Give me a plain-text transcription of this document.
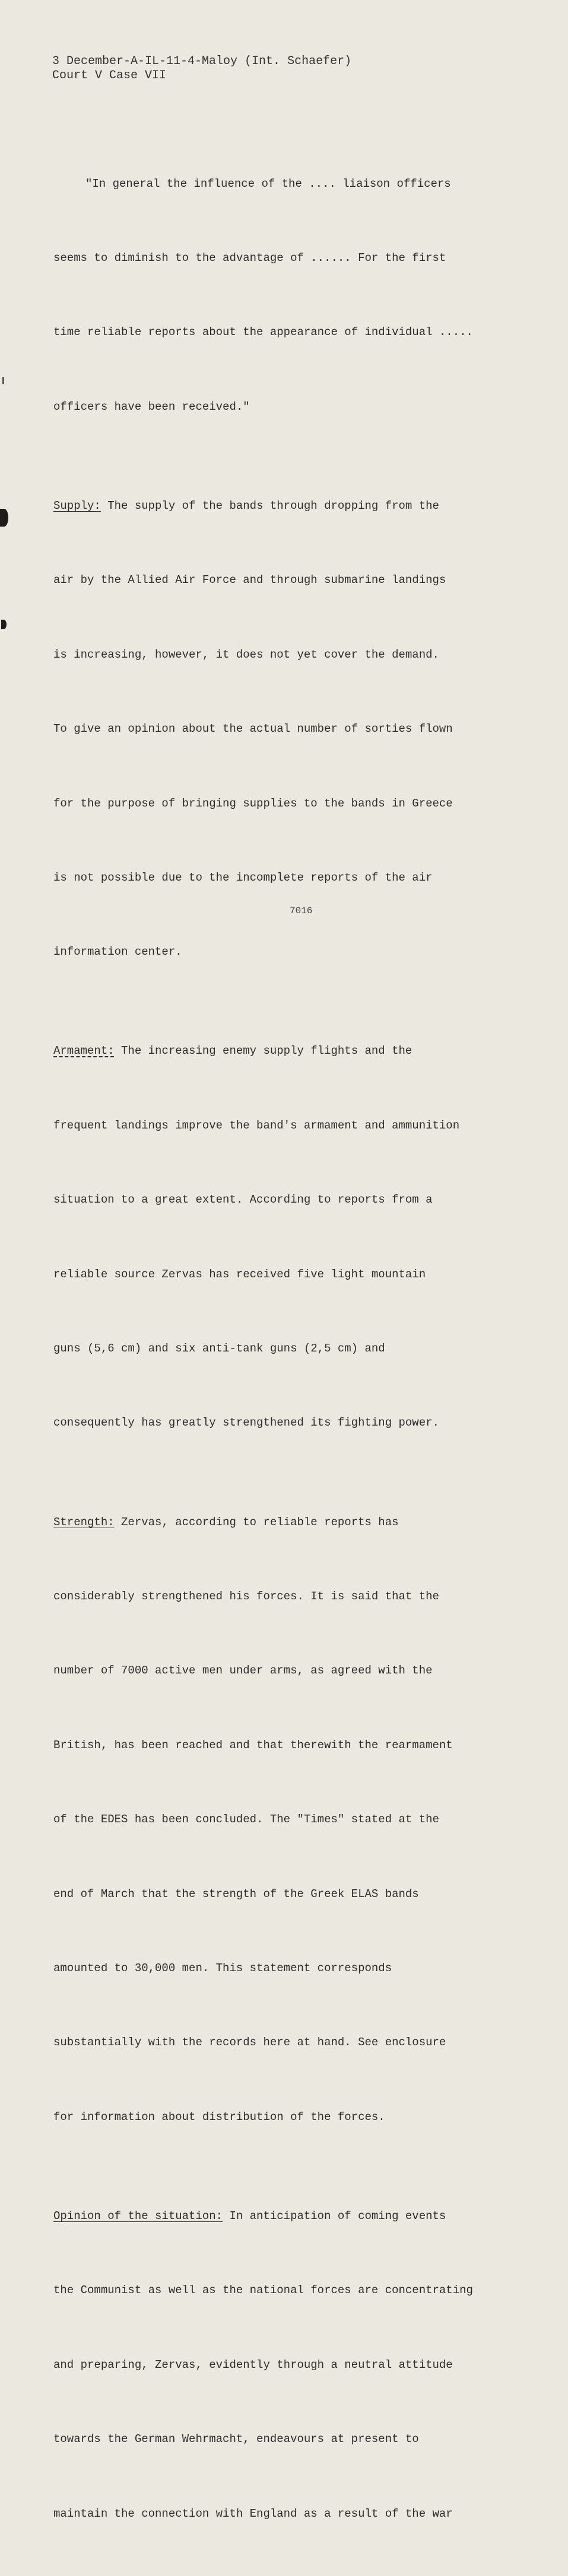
3 December-A-IL-11-4-Maloy (Int. Schaefer)
Court V Case VII

"In general the influence of the .... liaison officers

seems to diminish to the advantage of ...... For the first

time reliable reports about the appearance of individual .....

officers have been received."

Supply: The supply of the bands through dropping from the

air by the Allied Air Force and through submarine landings

is increasing, however, it does not yet cover the demand.

To give an opinion about the actual number of sorties flown

for the purpose of bringing supplies to the bands in Greece

is not possible due to the incomplete reports of the air

information center.

Armament: The increasing enemy supply flights and the

frequent landings improve the band's armament and ammunition

situation to a great extent. According to reports from a

reliable source Zervas has received five light mountain

guns (5,6 cm) and six anti-tank guns (2,5 cm) and

consequently has greatly strengthened its fighting power.

Strength: Zervas, according to reliable reports has

considerably strengthened his forces. It is said that the

number of 7000 active men under arms, as agreed with the

British, has been reached and that therewith the rearmament

of the EDES has been concluded. The "Times" stated at the

end of March that the strength of the Greek ELAS bands

amounted to 30,000 men. This statement corresponds

substantially with the records here at hand. See enclosure

for information about distribution of the forces.

Opinion of the situation: In anticipation of coming events

the Communist as well as the national forces are concentrating

and preparing, Zervas, evidently through a neutral attitude

towards the German Wehrmacht, endeavours at present to

maintain the connection with England as a result of the war

7016
